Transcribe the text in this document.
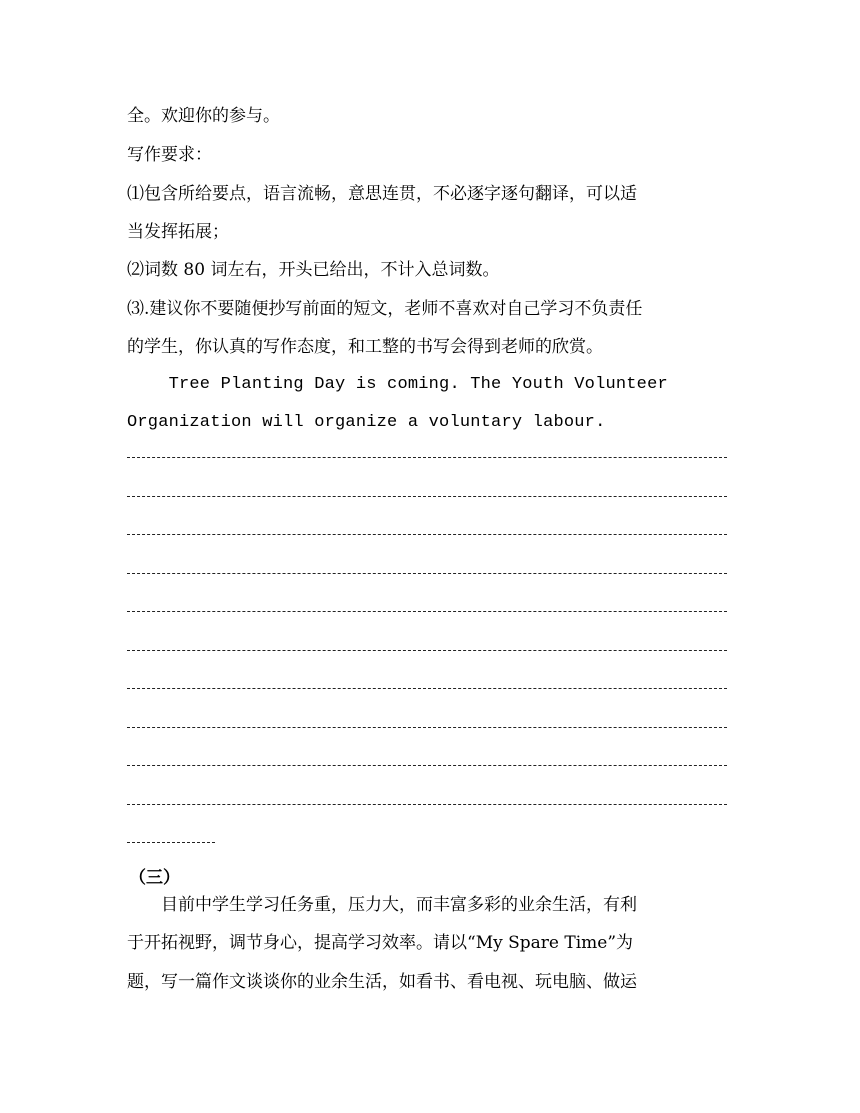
全。欢迎你的参与。
写作要求：
⑴包含所给要点，语言流畅，意思连贯，不必逐字逐句翻译，可以适
当发挥拓展；
⑵词数 80 词左右，开头已给出，不计入总词数。
⑶.建议你不要随便抄写前面的短文，老师不喜欢对自己学习不负责任
的学生，你认真的写作态度，和工整的书写会得到老师的欣赏。
Tree Planting Day is coming. The Youth Volunteer
Organization will organize a voluntary labour.
（三）
目前中学生学习任务重，压力大，而丰富多彩的业余生活，有利
于开拓视野，调节身心，提高学习效率。请以“My Spare Time”为
题，写一篇作文谈谈你的业余生活，如看书、看电视、玩电脑、做运
